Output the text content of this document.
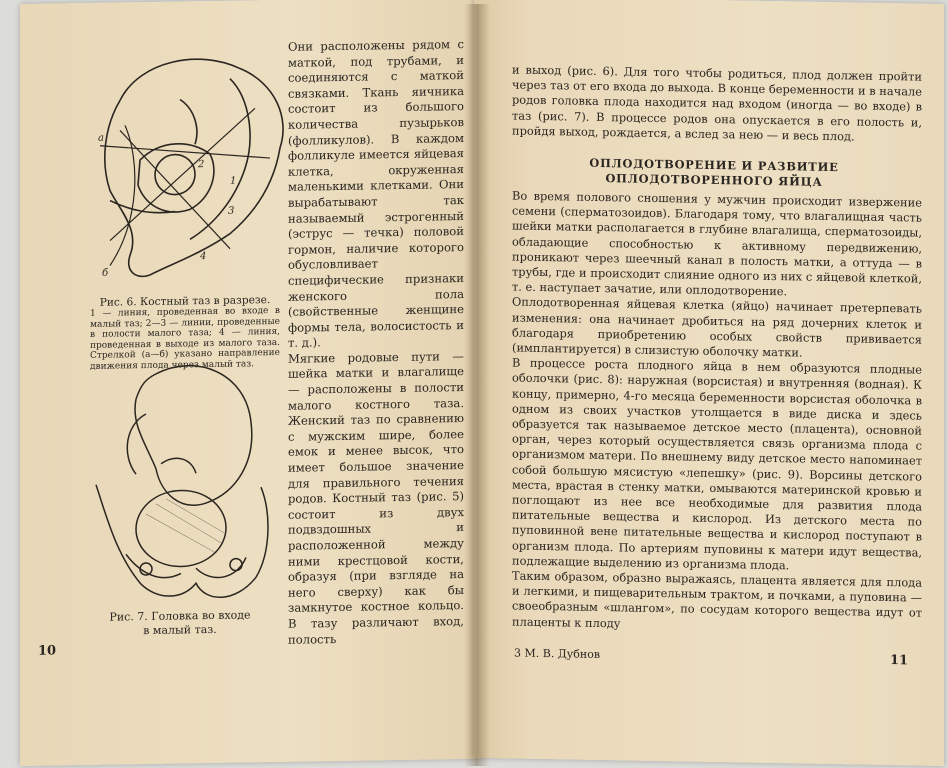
a
б
1
2
3
4
Рис. 6. Костный таз в разрезе.
1 — линия, проведенная во входе в малый таз; 2—3 — линии, проведенные в полости малого таза; 4 — линия, проведенная в выходе из малого таза. Стрелкой (а—б) указано направление движения плода через малый таз.
Рис. 7. Головка во входе
в малый таз.
Они расположены рядом с маткой, под трубами, и соединяются с маткой связками. Ткань яичника состоит из большого количества пузырьков (фолликулов). В каждом фолликуле имеется яйцевая клетка, окруженная маленькими клетками. Они вырабатывают так называемый эстрогенный (эструс — течка) половой гормон, наличие которого обусловливает специфические признаки женского пола (свойственные женщине формы тела, волосистость и т. д.).
Мягкие родовые пути — шейка матки и влагалище — расположены в полости малого костного таза. Женский таз по сравнению с мужским шире, более емок и менее высок, что имеет большое значение для правильного течения родов. Костный таз (рис. 5) состоит из двух подвздошных и расположенной между ними крестцовой кости, образуя (при взгляде на него сверху) как бы замкнутое костное кольцо. В тазу различают вход, полость
10
и выход (рис. 6). Для того чтобы родиться, плод должен пройти через таз от его входа до выхода. В конце беременности и в начале родов головка плода находится над входом (иногда — во входе) в таз (рис. 7). В процессе родов она опускается в его полость и, пройдя выход, рождается, а вслед за нею — и весь плод.
ОПЛОДОТВОРЕНИЕ И РАЗВИТИЕ
ОПЛОДОТВОРЕННОГО ЯЙЦА
Во время полового сношения у мужчин происходит извержение семени (сперматозоидов). Благодаря тому, что влагалищная часть шейки матки располагается в глубине влагалища, сперматозоиды, обладающие способностью к активному передвижению, проникают через шеечный канал в полость матки, а оттуда — в трубы, где и происходит слияние одного из них с яйцевой клеткой, т. е. наступает зачатие, или оплодотворение.
Оплодотворенная яйцевая клетка (яйцо) начинает претерпевать изменения: она начинает дробиться на ряд дочерних клеток и благодаря приобретению особых свойств прививается (имплантируется) в слизистую оболочку матки.
В процессе роста плодного яйца в нем образуются плодные оболочки (рис. 8): наружная (ворсистая) и внутренняя (водная). К концу, примерно, 4-го месяца беременности ворсистая оболочка в одном из своих участков утолщается в виде диска и здесь образуется так называемое детское место (плацента), основной орган, через который осуществляется связь организма плода с организмом матери. По внешнему виду детское место напоминает собой большую мясистую «лепешку» (рис. 9). Ворсины детского места, врастая в стенку матки, омываются материнской кровью и поглощают из нее все необходимые для развития плода питательные вещества и кислород. Из детского места по пуповинной вене питательные вещества и кислород поступают в организм плода. По артериям пуповины к матери идут вещества, подлежащие выделению из организма плода.
Таким образом, образно выражаясь, плацента является для плода и легкими, и пищеварительным трактом, и почками, а пуповина — своеобразным «шлангом», по сосудам которого вещества идут от плаценты к плоду
3 М. В. Дубнов	11
